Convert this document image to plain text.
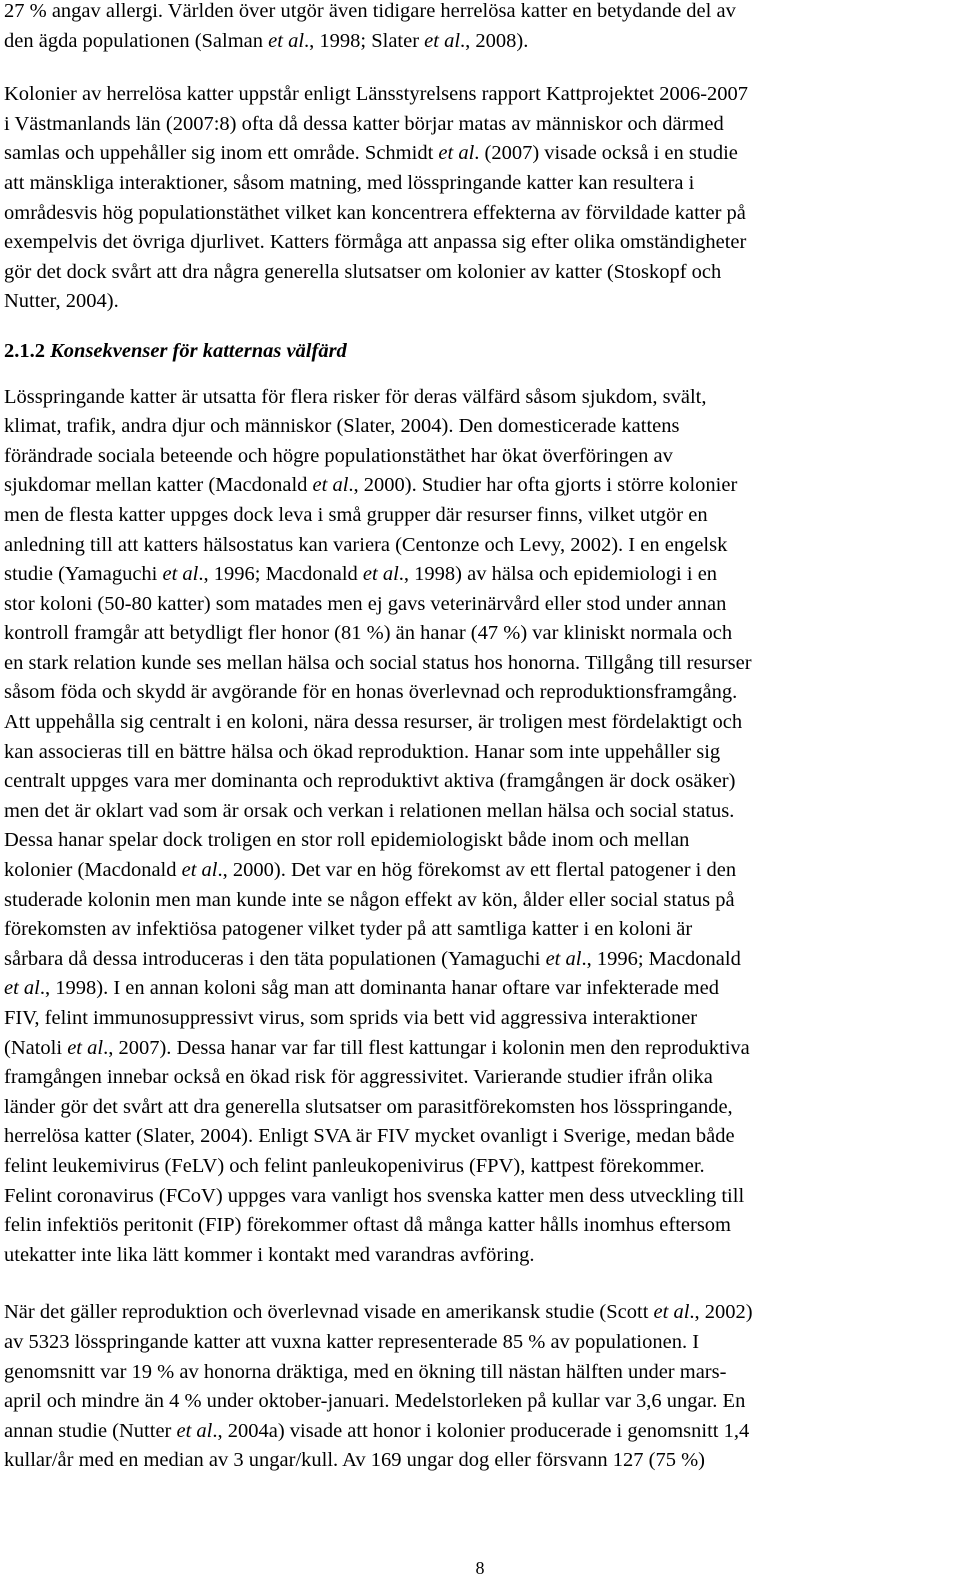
27 % angav allergi. Världen över utgör även tidigare herrelösa katter en betydande del av
den ägda populationen (Salman et al., 1998; Slater et al., 2008).

Kolonier av herrelösa katter uppstår enligt Länsstyrelsens rapport Kattprojektet 2006-2007
i Västmanlands län (2007:8) ofta då dessa katter börjar matas av människor och därmed
samlas och uppehåller sig inom ett område. Schmidt et al. (2007) visade också i en studie
att mänskliga interaktioner, såsom matning, med lösspringande katter kan resultera i
områdesvis hög populationstäthet vilket kan koncentrera effekterna av förvildade katter på
exempelvis det övriga djurlivet. Katters förmåga att anpassa sig efter olika omständigheter
gör det dock svårt att dra några generella slutsatser om kolonier av katter (Stoskopf och
Nutter, 2004).

2.1.2 Konsekvenser för katternas välfärd

Lösspringande katter är utsatta för flera risker för deras välfärd såsom sjukdom, svält,
klimat, trafik, andra djur och människor (Slater, 2004). Den domesticerade kattens
förändrade sociala beteende och högre populationstäthet har ökat överföringen av
sjukdomar mellan katter (Macdonald et al., 2000). Studier har ofta gjorts i större kolonier
men de flesta katter uppges dock leva i små grupper där resurser finns, vilket utgör en
anledning till att katters hälsostatus kan variera (Centonze och Levy, 2002). I en engelsk
studie (Yamaguchi et al., 1996; Macdonald et al., 1998) av hälsa och epidemiologi i en
stor koloni (50-80 katter) som matades men ej gavs veterinärvård eller stod under annan
kontroll framgår att betydligt fler honor (81 %) än hanar (47 %) var kliniskt normala och
en stark relation kunde ses mellan hälsa och social status hos honorna. Tillgång till resurser
såsom föda och skydd är avgörande för en honas överlevnad och reproduktionsframgång.
Att uppehålla sig centralt i en koloni, nära dessa resurser, är troligen mest fördelaktigt och
kan associeras till en bättre hälsa och ökad reproduktion. Hanar som inte uppehåller sig
centralt uppges vara mer dominanta och reproduktivt aktiva (framgången är dock osäker)
men det är oklart vad som är orsak och verkan i relationen mellan hälsa och social status.
Dessa hanar spelar dock troligen en stor roll epidemiologiskt både inom och mellan
kolonier (Macdonald et al., 2000). Det var en hög förekomst av ett flertal patogener i den
studerade kolonin men man kunde inte se någon effekt av kön, ålder eller social status på
förekomsten av infektiösa patogener vilket tyder på att samtliga katter i en koloni är
sårbara då dessa introduceras i den täta populationen (Yamaguchi et al., 1996; Macdonald
et al., 1998). I en annan koloni såg man att dominanta hanar oftare var infekterade med
FIV, felint immunosuppressivt virus, som sprids via bett vid aggressiva interaktioner
(Natoli et al., 2007). Dessa hanar var far till flest kattungar i kolonin men den reproduktiva
framgången innebar också en ökad risk för aggressivitet. Varierande studier ifrån olika
länder gör det svårt att dra generella slutsatser om parasitförekomsten hos lösspringande,
herrelösa katter (Slater, 2004). Enligt SVA är FIV mycket ovanligt i Sverige, medan både
felint leukemivirus (FeLV) och felint panleukopenivirus (FPV), kattpest förekommer.
Felint coronavirus (FCoV) uppges vara vanligt hos svenska katter men dess utveckling till
felin infektiös peritonit (FIP) förekommer oftast då många katter hålls inomhus eftersom
utekatter inte lika lätt kommer i kontakt med varandras avföring.

När det gäller reproduktion och överlevnad visade en amerikansk studie (Scott et al., 2002)
av 5323 lösspringande katter att vuxna katter representerade 85 % av populationen. I
genomsnitt var 19 % av honorna dräktiga, med en ökning till nästan hälften under mars-
april och mindre än 4 % under oktober-januari. Medelstorleken på kullar var 3,6 ungar. En
annan studie (Nutter et al., 2004a) visade att honor i kolonier producerade i genomsnitt 1,4
kullar/år med en median av 3 ungar/kull. Av 169 ungar dog eller försvann 127 (75 %)

8
